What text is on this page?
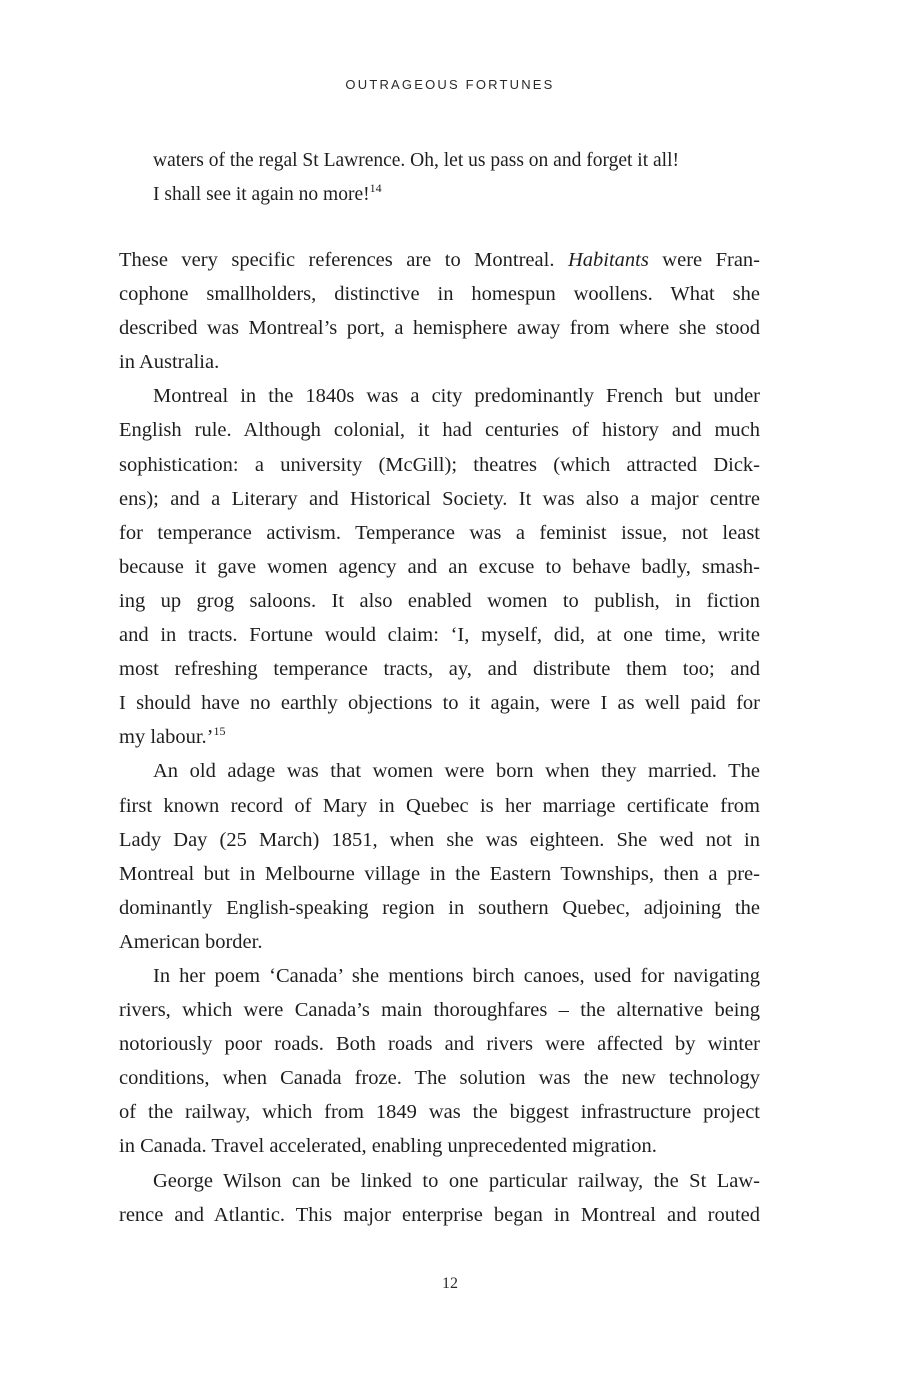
OUTRAGEOUS FORTUNES
waters of the regal St Lawrence. Oh, let us pass on and forget it all!
I shall see it again no more!$^{14}$

These very specific references are to Montreal. Habitants were Fran-
cophone smallholders, distinctive in homespun woollens. What she
described was Montreal’s port, a hemisphere away from where she stood
in Australia.

Montreal in the 1840s was a city predominantly French but under
English rule. Although colonial, it had centuries of history and much
sophistication: a university (McGill); theatres (which attracted Dick-
ens); and a Literary and Historical Society. It was also a major centre
for temperance activism. Temperance was a feminist issue, not least
because it gave women agency and an excuse to behave badly, smash-
ing up grog saloons. It also enabled women to publish, in fiction
and in tracts. Fortune would claim: ‘I, myself, did, at one time, write
most refreshing temperance tracts, ay, and distribute them too; and
I should have no earthly objections to it again, were I as well paid for
my labour.’$^{15}$

An old adage was that women were born when they married. The
first known record of Mary in Quebec is her marriage certificate from
Lady Day (25 March) 1851, when she was eighteen. She wed not in
Montreal but in Melbourne village in the Eastern Townships, then a pre-
dominantly English-speaking region in southern Quebec, adjoining the
American border.

In her poem ‘Canada’ she mentions birch canoes, used for navigating
rivers, which were Canada’s main thoroughfares – the alternative being
notoriously poor roads. Both roads and rivers were affected by winter
conditions, when Canada froze. The solution was the new technology
of the railway, which from 1849 was the biggest infrastructure project
in Canada. Travel accelerated, enabling unprecedented migration.

George Wilson can be linked to one particular railway, the St Law-
rence and Atlantic. This major enterprise began in Montreal and routed

12
